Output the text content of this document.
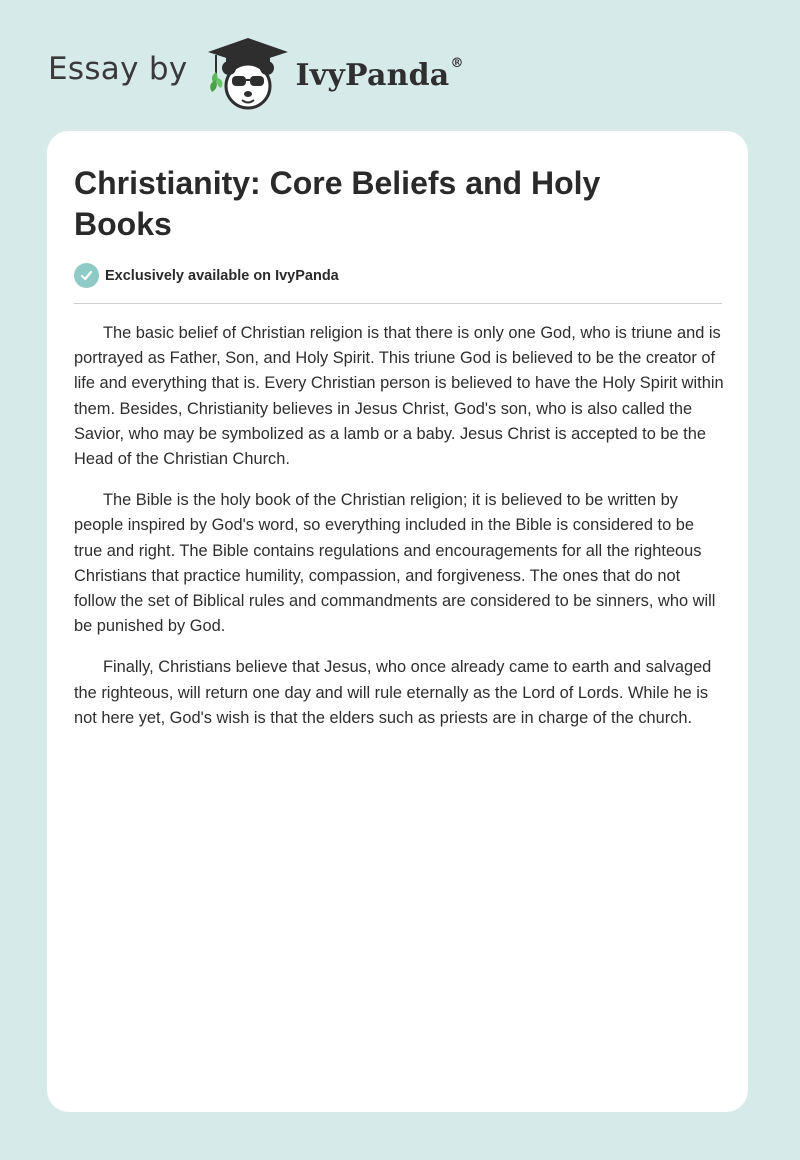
Essay by	IvyPanda®
Christianity: Core Beliefs and Holy Books
Exclusively available on IvyPanda

The basic belief of Christian religion is that there is only one God, who is triune and is portrayed as Father, Son, and Holy Spirit. This triune God is believed to be the creator of life and everything that is. Every Christian person is believed to have the Holy Spirit within them. Besides, Christianity believes in Jesus Christ, God's son, who is also called the Savior, who may be symbolized as a lamb or a baby. Jesus Christ is accepted to be the Head of the Christian Church.

The Bible is the holy book of the Christian religion; it is believed to be written by people inspired by God's word, so everything included in the Bible is considered to be true and right. The Bible contains regulations and encouragements for all the righteous Christians that practice humility, compassion, and forgiveness. The ones that do not follow the set of Biblical rules and commandments are considered to be sinners, who will be punished by God.

Finally, Christians believe that Jesus, who once already came to earth and salvaged the righteous, will return one day and will rule eternally as the Lord of Lords. While he is not here yet, God's wish is that the elders such as priests are in charge of the church.
